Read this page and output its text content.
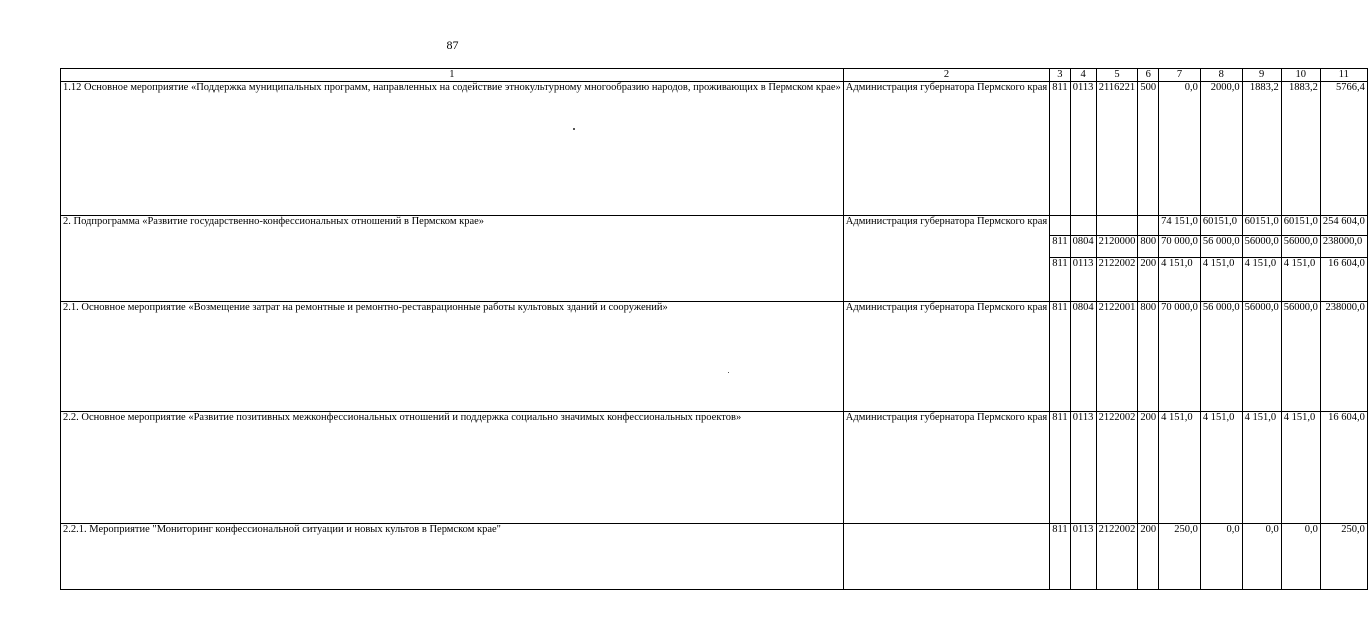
87
1	2	3	4	5	6	7	8	9	10	11
1.12 Основное мероприятие «Поддержка муниципальных программ, направленных на содействие этнокультурному многообразию народов, проживающих в Пермском крае»	Администрация губернатора Пермского края	811	0113	2116221	500	0,0	2000,0	1883,2	1883,2	5766,4
2. Подпрограмма «Развитие государственно-конфессиональных отношений в Пермском крае»	Администрация губернатора Пермского края					74 151,0	60151,0	60151,0	60151,0	254 604,0
		811	0804	2120000	800	70 000,0	56 000,0	56000,0	56000,0	238000,0
		811	0113	2122002	200	4 151,0	4 151,0	4 151,0	4 151,0	16 604,0
2.1. Основное мероприятие «Возмещение затрат на ремонтные и ремонтно-реставрационные работы культовых зданий и сооружений»	Администрация губернатора Пермского края	811	0804	2122001	800	70 000,0	56 000,0	56000,0	56000,0	238000,0
2.2. Основное мероприятие «Развитие позитивных межконфессиональных отношений и поддержка социально значимых конфессиональных проектов»	Администрация губернатора Пермского края	811	0113	2122002	200	4 151,0	4 151,0	4 151,0	4 151,0	16 604,0
2.2.1. Мероприятие "Мониторинг конфессиональной ситуации и новых культов в Пермском крае"		811	0113	2122002	200	250,0	0,0	0,0	0,0	250,0
